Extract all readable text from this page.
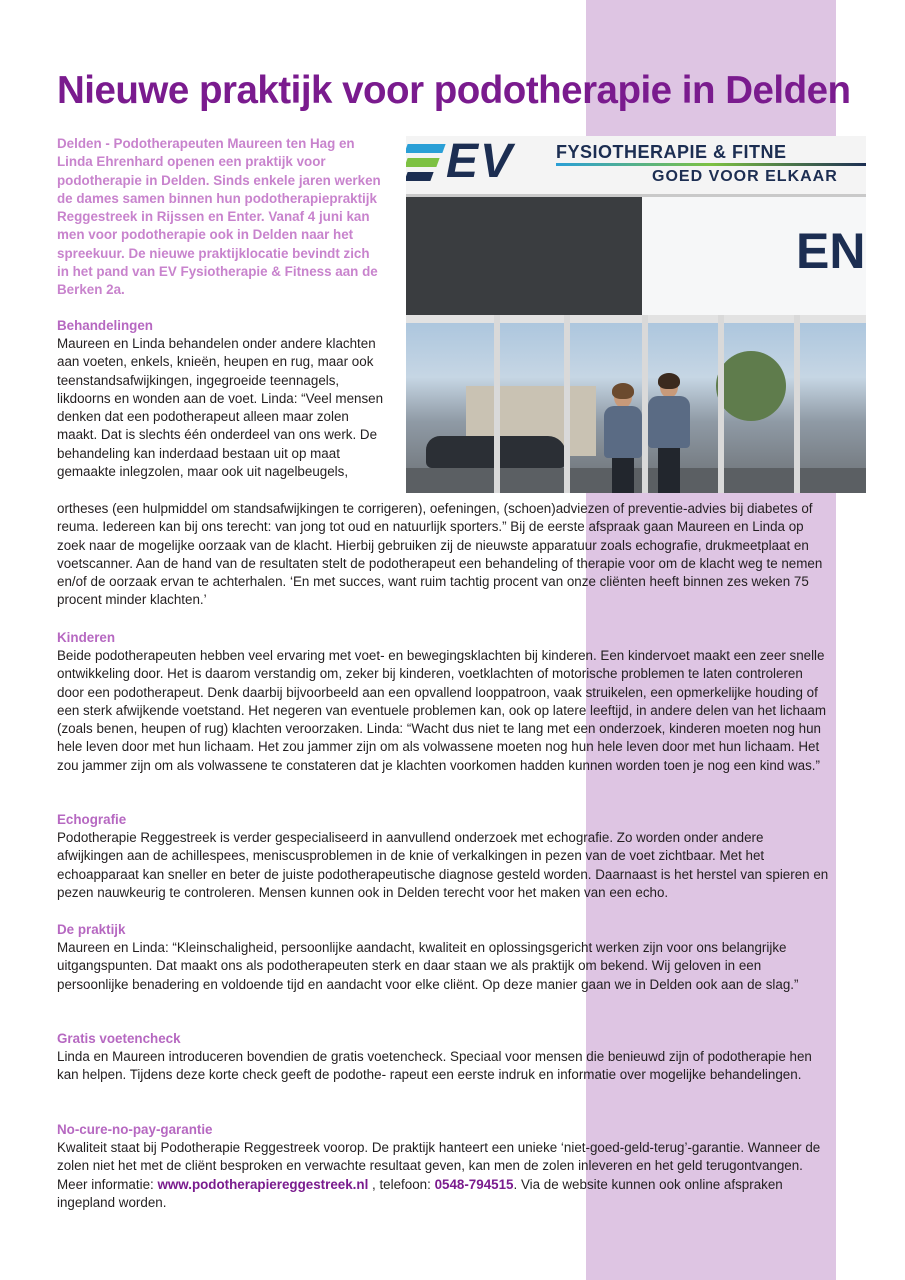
Nieuwe praktijk voor podotherapie in Delden

Delden - Podotherapeuten Maureen ten Hag en Linda Ehrenhard openen een praktijk voor podotherapie in Delden. Sinds enkele jaren werken de dames samen binnen hun podotherapiepraktijk Reggestreek in Rijssen en Enter. Vanaf 4 juni kan men voor podotherapie ook in Delden naar het spreekuur. De nieuwe praktijklocatie bevindt zich in het pand van EV Fysiotherapie & Fitness aan de Berken 2a.

EV FYSIOTHERAPIE & FITNE
GOED VOOR ELKAAR
EN
Behandelingen

Maureen en Linda behandelen onder andere klachten aan voeten, enkels, knieën, heupen en rug, maar ook teenstandsafwijkingen, ingegroeide teennagels, likdoorns en wonden aan de voet. Linda: “Veel mensen denken dat een podotherapeut alleen maar zolen maakt. Dat is slechts één onderdeel van ons werk. De behandeling kan inderdaad bestaan uit op maat gemaakte inlegzolen, maar ook uit nagelbeugels,

ortheses (een hulpmiddel om standsafwijkingen te corrigeren), oefeningen, (schoen)adviezen of preventie-advies bij diabetes of reuma. Iedereen kan bij ons terecht: van jong tot oud en natuurlijk sporters.” Bij de eerste afspraak gaan Maureen en Linda op zoek naar de mogelijke oorzaak van de klacht. Hierbij gebruiken zij de nieuwste apparatuur zoals echografie, drukmeetplaat en voetscanner. Aan de hand van de resultaten stelt de podotherapeut een behandeling of therapie voor om de klacht weg te nemen en/of de oorzaak ervan te achterhalen. ‘En met succes, want ruim tachtig procent van onze cliënten heeft binnen zes weken 75 procent minder klachten.’

Kinderen

Beide podotherapeuten hebben veel ervaring met voet- en bewegingsklachten bij kinderen. Een kindervoet maakt een zeer snelle ontwikkeling door. Het is daarom verstandig om, zeker bij kinderen, voetklachten of motorische problemen te laten controleren door een podotherapeut. Denk daarbij bijvoorbeeld aan een opvallend looppatroon, vaak struikelen, een opmerkelijke houding of een sterk afwijkende voetstand. Het negeren van eventuele problemen kan, ook op latere leeftijd, in andere delen van het lichaam (zoals benen, heupen of rug) klachten veroorzaken. Linda: “Wacht dus niet te lang met een onderzoek, kinderen moeten nog hun hele leven door met hun lichaam. Het zou jammer zijn om als volwassene moeten nog hun hele leven door met hun lichaam. Het zou jammer zijn om als volwassene te constateren dat je klachten voorkomen hadden kunnen worden toen je nog een kind was.”

Echografie

Podotherapie Reggestreek is verder gespecialiseerd in aanvullend onderzoek met echografie. Zo worden onder andere afwijkingen aan de achillespees, meniscusproblemen in de knie of verkalkingen in pezen van de voet zichtbaar. Met het echoapparaat kan sneller en beter de juiste podotherapeutische diagnose gesteld worden. Daarnaast is het herstel van spieren en pezen nauwkeurig te controleren. Mensen kunnen ook in Delden terecht voor het maken van een echo.

De praktijk

Maureen en Linda: “Kleinschaligheid, persoonlijke aandacht, kwaliteit en oplossingsgericht werken zijn voor ons belangrijke uitgangspunten. Dat maakt ons als podotherapeuten sterk en daar staan we als praktijk om bekend. Wij geloven in een persoonlijke benadering en voldoende tijd en aandacht voor elke cliënt. Op deze manier gaan we in Delden ook aan de slag.”

Gratis voetencheck

Linda en Maureen introduceren bovendien de gratis voetencheck. Speciaal voor mensen die benieuwd zijn of podotherapie hen kan helpen. Tijdens deze korte check geeft de podothe- rapeut een eerste indruk en informatie over mogelijke behandelingen.

No-cure-no-pay-garantie

Kwaliteit staat bij Podotherapie Reggestreek voorop. De praktijk hanteert een unieke ‘niet-goed-geld-terug’-garantie. Wanneer de zolen niet het met de cliënt besproken en verwachte resultaat geven, kan men de zolen inleveren en het geld terugontvangen. Meer informatie: www.podotherapiereggestreek.nl , telefoon: 0548-794515. Via de website kunnen ook online afspraken ingepland worden.
